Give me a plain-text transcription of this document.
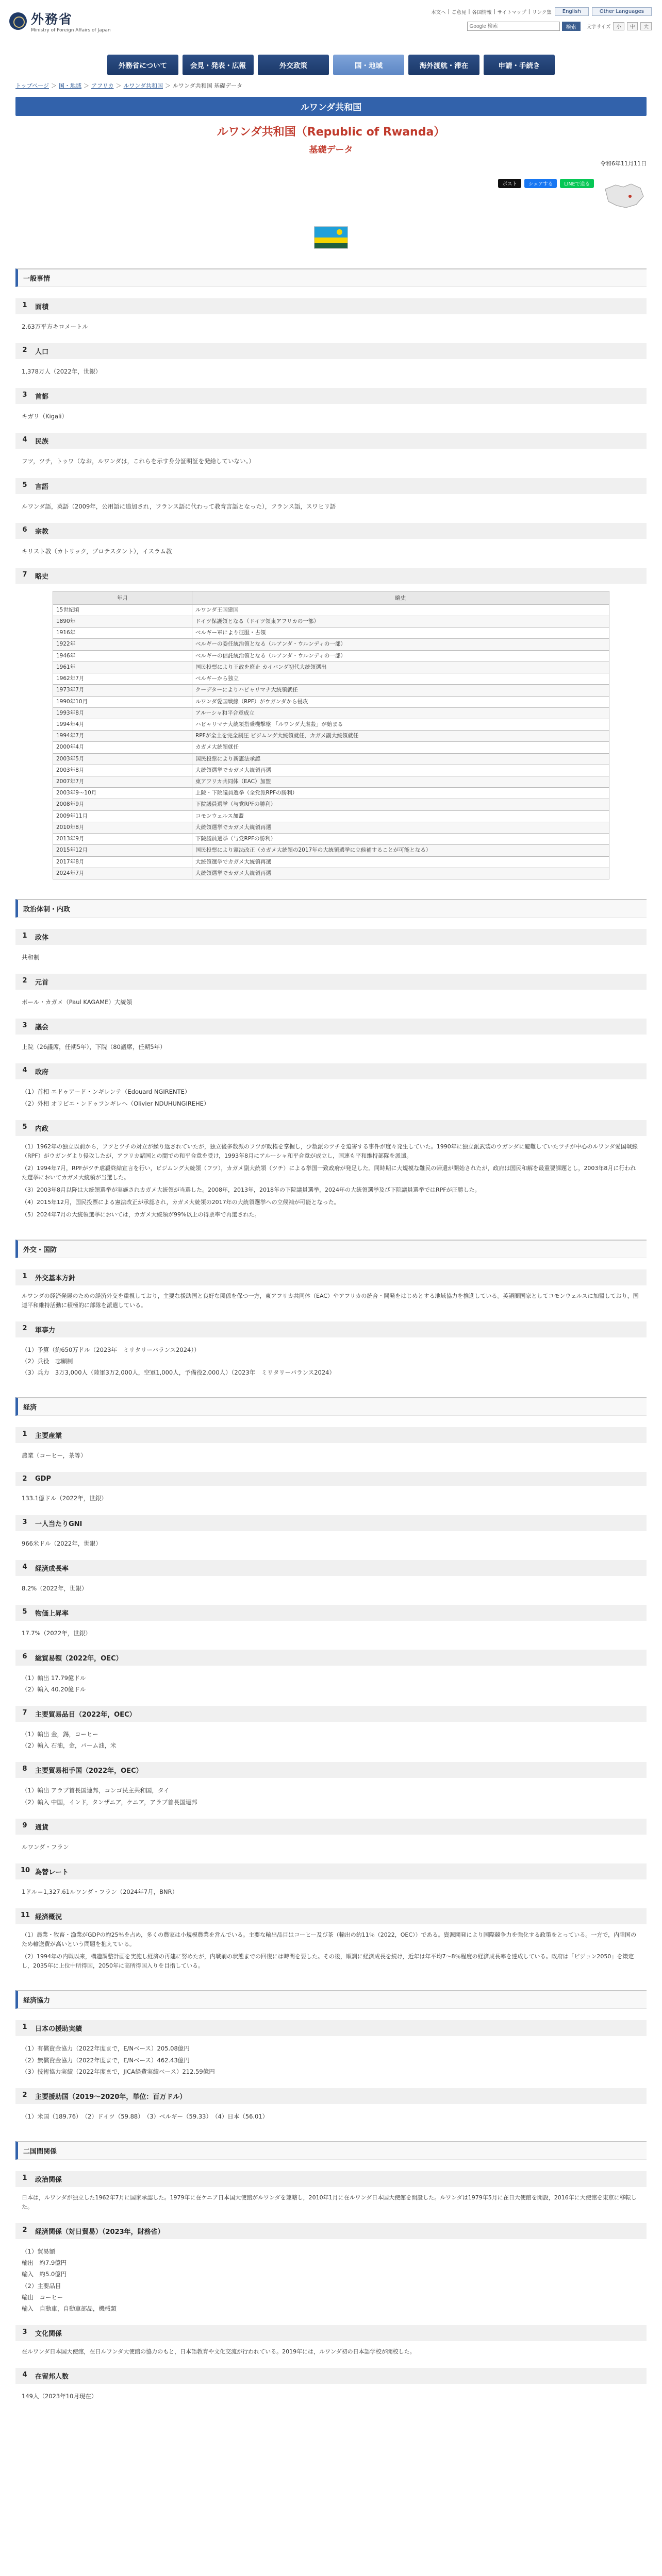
外務省
Ministry of Foreign Affairs of Japan
本文へ | ご意見 | 各国情報 | サイトマップ | リンク集	English	Other Languages
Google 検索
検索	文字サイズ 小 中 大
外務省について	会見・発表・広報	外交政策	国・地域	海外渡航・滞在	申請・手続き
トップページ ＞ 国・地域 ＞ アフリカ ＞ ルワンダ共和国 ＞ ルワンダ共和国 基礎データ
ルワンダ共和国
ルワンダ共和国（Republic of Rwanda）
基礎データ
令和6年11月11日
ポスト	シェアする	LINEで送る
一般事情
1 面積
2.63万平方キロメートル
2 人口
1,378万人（2022年，世銀）
3 首都
キガリ（Kigali）
4 民族
フツ，ツチ，トゥワ（なお，ルワンダは，これらを示す身分証明証を発給していない。）
5 言語
ルワンダ語，英語（2009年，公用語に追加され，フランス語に代わって教育言語となった），フランス語，スワヒリ語
6 宗教
キリスト教（カトリック，プロテスタント），イスラム教
7 略史
年月	略史
15世紀頃	ルワンダ王国建国
1890年	ドイツ保護領となる（ドイツ領東アフリカの一部）
1916年	ベルギー軍により征服・占領
1922年	ベルギーの委任統治領となる（ルアンダ・ウルンディの一部）
1946年	ベルギーの信託統治領となる（ルアンダ・ウルンディの一部）
1961年	国民投票により王政を廃止 カイバンダ初代大統領選出
1962年7月	ベルギーから独立
1973年7月	クーデターによりハビャリマナ大統領就任
1990年10月	ルワンダ愛国戦線（RPF）がウガンダから侵攻
1993年8月	アルーシャ和平合意成立
1994年4月	ハビャリマナ大統領搭乗機撃墜 「ルワンダ大虐殺」が始まる
1994年7月	RPFが全土を完全制圧 ビジムング大統領就任，カガメ副大統領就任
2000年4月	カガメ大統領就任
2003年5月	国民投票により新憲法承認
2003年8月	大統領選挙でカガメ大統領再選
2007年7月	東アフリカ共同体（EAC）加盟
2003年9～10月	上院・下院議員選挙（全党派RPFの勝利）
2008年9月	下院議員選挙（与党RPFの勝利）
2009年11月	コモンウェルス加盟
2010年8月	大統領選挙でカガメ大統領再選
2013年9月	下院議員選挙（与党RPFの勝利）
2015年12月	国民投票により憲法改正（カガメ大統領の2017年の大統領選挙に立候補することが可能となる）
2017年8月	大統領選挙でカガメ大統領再選
2024年7月	大統領選挙でカガメ大統領再選
政治体制・内政
1 政体
共和制
2 元首
ポール・カガメ（Paul KAGAME）大統領
3 議会
上院（26議席，任期5年），下院（80議席，任期5年）
4 政府

（1）首相 エドゥアード・ンギレンテ（Edouard NGIRENTE）

（2）外相 オリビエ・ンドゥフンギレへ（Olivier NDUHUNGIREHE）

5 内政

（1）1962年の独立以前から，フツとツチの対立が繰り返されていたが，独立後多数派のフツが政権を掌握し，少数派のツチを迫害する事件が度々発生していた。1990年に独立派武装のウガンダに避難していたツチが中心のルワンダ愛国戦線（RPF）がウガンダより侵攻したが，アフリカ諸国との間での和平合意を受け，1993年8月にアルーシャ和平合意が成立し，国連も平和維持部隊を派遣。

（2）1994年7月，RPFがツチ虐殺終結宣言を行い，ビジムング大統領（フツ），カガメ副大統領（ツチ）による挙国一致政府が発足した。同時期に大規模な難民の帰還が開始されたが，政府は国民和解を最重要課題とし，2003年8月に行われた選挙においてカガメ大統領が当選した。

（3）2003年8月以降は大統領選挙が実施されカガメ大統領が当選した。2008年，2013年，2018年の下院議員選挙，2024年の大統領選挙及び下院議員選挙ではRPFが圧勝した。

（4）2015年12月，国民投票による憲法改正が承認され，カガメ大統領の2017年の大統領選挙への立候補が可能となった。

（5）2024年7月の大統領選挙においては，カガメ大統領が99%以上の得票率で再選された。

外交・国防
1 外交基本方針

ルワンダの経済発展のための経済外交を重視しており，主要な援助国と良好な関係を保つ一方，東アフリカ共同体（EAC）やアフリカの統合・開発をはじめとする地域協力を推進している。英語圏国家としてコモンウェルスに加盟しており，国連平和維持活動に積極的に部隊を派遣している。

2 軍事力

（1）予算（約650万ドル（2023年　ミリタリーバランス2024））

（2）兵役　志願制

（3）兵力　3万3,000人（陸軍3万2,000人，空軍1,000人，予備役2,000人）（2023年　ミリタリーバランス2024）

経済
1 主要産業
農業（コーヒー，茶等）
2 GDP
133.1億ドル（2022年，世銀）
3 一人当たりGNI
966米ドル（2022年，世銀）
4 経済成長率
8.2%（2022年，世銀）
5 物価上昇率
17.7%（2022年，世銀）
6 総貿易額（2022年，OEC）

（1）輸出 17.79億ドル

（2）輸入 40.20億ドル

7 主要貿易品目（2022年，OEC）

（1）輸出 金，錫，コーヒー

（2）輸入 石油，金，パーム油，米

8 主要貿易相手国（2022年，OEC）

（1）輸出 アラブ首長国連邦，コンゴ民主共和国，タイ

（2）輸入 中国，インド，タンザニア，ケニア，アラブ首長国連邦

9 通貨
ルワンダ・フラン
10 為替レート
1ドル＝1,327.61ルワンダ・フラン（2024年7月，BNR）
11 経済概況

（1）農業・牧畜・漁業がGDPの約25％を占め，多くの農家は小規模農業を営んでいる。主要な輸出品目はコーヒー及び茶（輸出の約11％（2022，OEC））である。資源開発により国際競争力を強化する政策をとっている。一方で，内陸国のため輸送費が高いという問題を抱えている。

（2）1994年の内戦以来，構造調整計画を実施し経済の再建に努めたが，内戦前の状態までの回復には時間を要した。その後，順調に経済成長を続け，近年は年平均7～8％程度の経済成長率を達成している。政府は「ビジョン2050」を策定し，2035年に上位中所得国，2050年に高所得国入りを目指している。

経済協力
1 日本の援助実績

（1）有償資金協力（2022年度まで，E/Nベース）205.08億円

（2）無償資金協力（2022年度まで，E/Nベース）462.43億円

（3）技術協力実績（2022年度まで，JICA経費実績ベース）212.59億円

2 主要援助国（2019～2020年，単位：百万ドル）
（1）米国（189.76）　（2）ドイツ（59.88）　（3）ベルギー（59.33）　（4）日本（56.01）
二国間関係
1 政治関係

日本は，ルワンダが独立した1962年7月に国家承認した。1979年に在ケニア日本国大使館がルワンダを兼轄し，2010年1月に在ルワンダ日本国大使館を開設した。ルワンダは1979年5月に在日大使館を開設，2016年に大使館を東京に移転した。

2 経済関係（対日貿易）（2023年，財務省）

（1）貿易額

輸出　約7.9億円

輸入　約5.0億円

（2）主要品目

輸出　コーヒー

輸入　自動車，自動車部品，機械類

3 文化関係

在ルワンダ日本国大使館，在日ルワンダ大使館の協力のもと，日本語教育や文化交流が行われている。2019年には，ルワンダ初の日本語学校が開校した。

4 在留邦人数
149人（2023年10月現在）
